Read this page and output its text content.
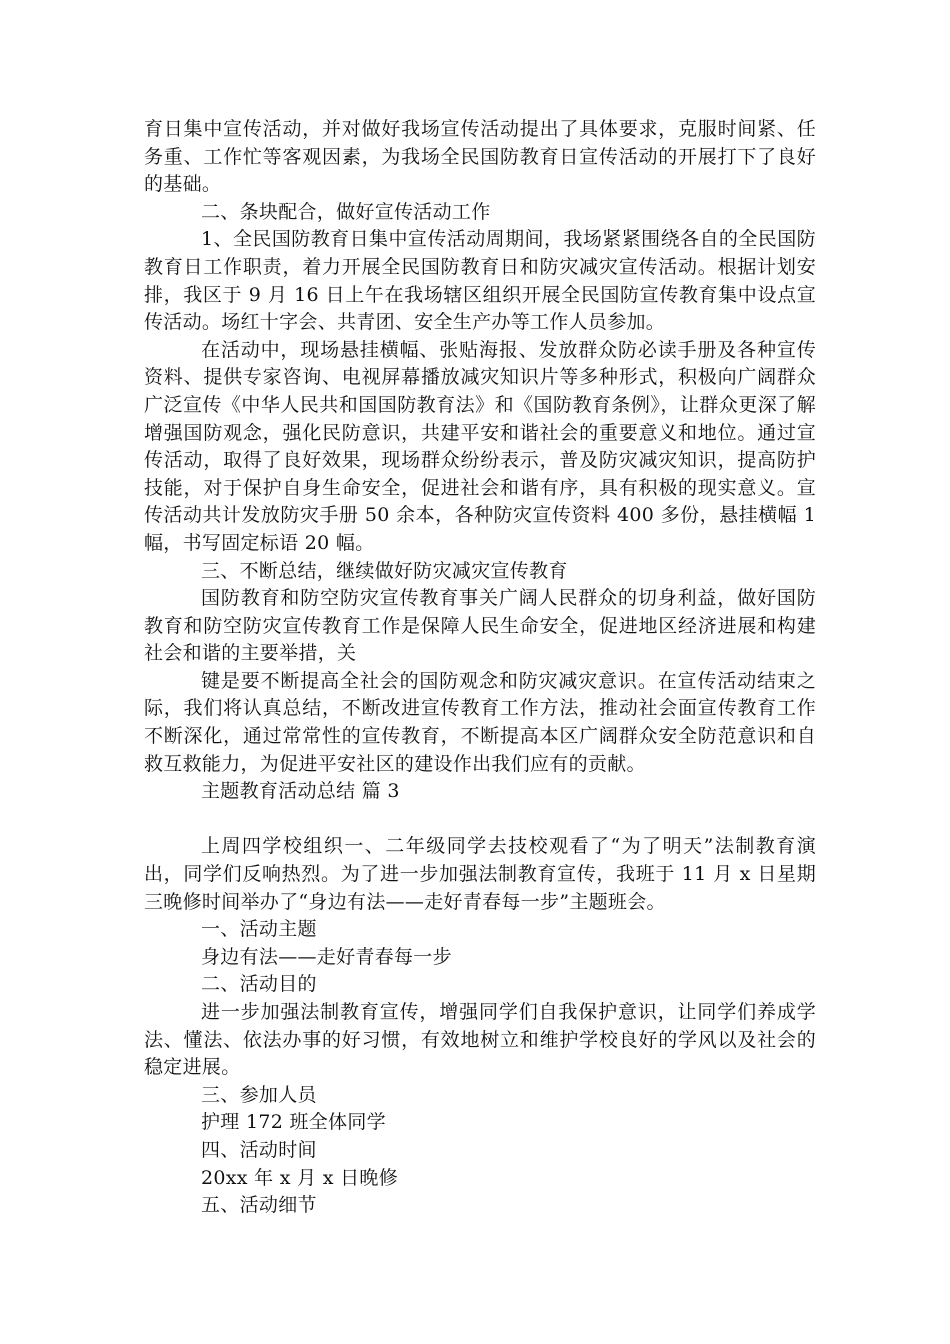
育日集中宣传活动，并对做好我场宣传活动提出了具体要求，克服时间紧、任务重、工作忙等客观因素，为我场全民国防教育日宣传活动的开展打下了良好的基础。

二、条块配合，做好宣传活动工作

1、全民国防教育日集中宣传活动周期间，我场紧紧围绕各自的全民国防教育日工作职责，着力开展全民国防教育日和防灾减灾宣传活动。根据计划安排，我区于 9 月 16 日上午在我场辖区组织开展全民国防宣传教育集中设点宣传活动。场红十字会、共青团、安全生产办等工作人员参加。

在活动中，现场悬挂横幅、张贴海报、发放群众防必读手册及各种宣传资料、提供专家咨询、电视屏幕播放减灾知识片等多种形式，积极向广阔群众广泛宣传《中华人民共和国国防教育法》和《国防教育条例》，让群众更深了解增强国防观念，强化民防意识，共建平安和谐社会的重要意义和地位。通过宣传活动，取得了良好效果，现场群众纷纷表示，普及防灾减灾知识，提高防护技能，对于保护自身生命安全，促进社会和谐有序，具有积极的现实意义。宣传活动共计发放防灾手册 50 余本，各种防灾宣传资料 400 多份，悬挂横幅 1 幅，书写固定标语 20 幅。

三、不断总结，继续做好防灾减灾宣传教育

国防教育和防空防灾宣传教育事关广阔人民群众的切身利益，做好国防教育和防空防灾宣传教育工作是保障人民生命安全，促进地区经济进展和构建社会和谐的主要举措，关

键是要不断提高全社会的国防观念和防灾减灾意识。在宣传活动结束之际，我们将认真总结，不断改进宣传教育工作方法，推动社会面宣传教育工作不断深化，通过常常性的宣传教育，不断提高本区广阔群众安全防范意识和自救互救能力，为促进平安社区的建设作出我们应有的贡献。

主题教育活动总结 篇 3

上周四学校组织一、二年级同学去技校观看了“为了明天”法制教育演出，同学们反响热烈。为了进一步加强法制教育宣传，我班于 11 月 x 日星期三晚修时间举办了“身边有法——走好青春每一步”主题班会。

一、活动主题

身边有法——走好青春每一步

二、活动目的

进一步加强法制教育宣传，增强同学们自我保护意识，让同学们养成学法、懂法、依法办事的好习惯，有效地树立和维护学校良好的学风以及社会的稳定进展。

三、参加人员

护理 172 班全体同学

四、活动时间

20xx 年 x 月 x 日晚修

五、活动细节
